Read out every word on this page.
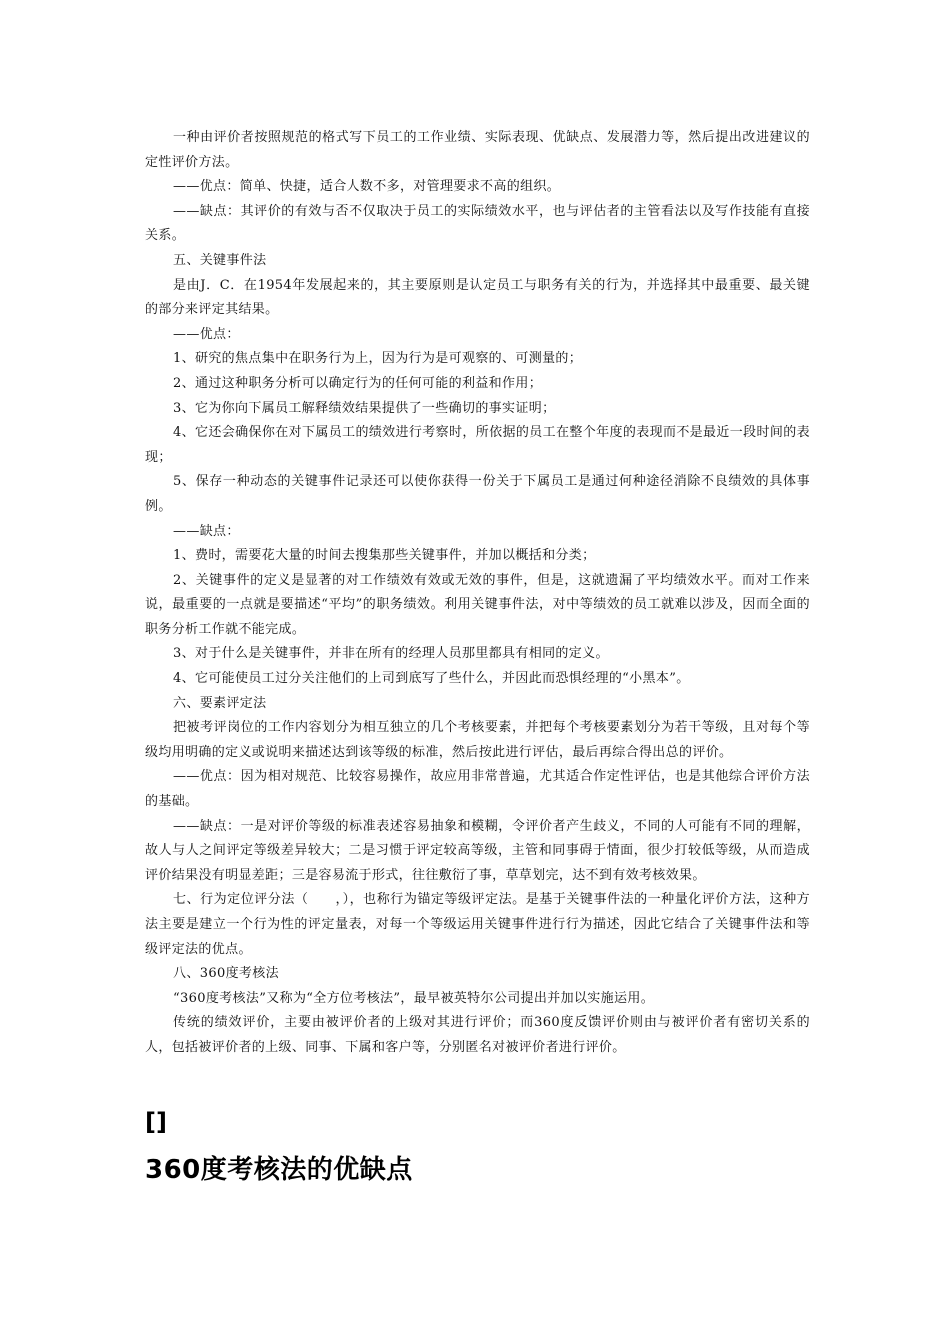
一种由评价者按照规范的格式写下员工的工作业绩、实际表现、优缺点、发展潜力等，然后提出改进建议的定性评价方法。

——优点：简单、快捷，适合人数不多，对管理要求不高的组织。

——缺点：其评价的有效与否不仅取决于员工的实际绩效水平，也与评估者的主管看法以及写作技能有直接关系。

五、关键事件法

是由J．C．在1954年发展起来的，其主要原则是认定员工与职务有关的行为，并选择其中最重要、最关键的部分来评定其结果。

——优点：

1、研究的焦点集中在职务行为上，因为行为是可观察的、可测量的；

2、通过这种职务分析可以确定行为的任何可能的利益和作用；

3、它为你向下属员工解释绩效结果提供了一些确切的事实证明；

4、它还会确保你在对下属员工的绩效进行考察时，所依据的员工在整个年度的表现而不是最近一段时间的表现；

5、保存一种动态的关键事件记录还可以使你获得一份关于下属员工是通过何种途径消除不良绩效的具体事例。

——缺点：

1、费时，需要花大量的时间去搜集那些关键事件，并加以概括和分类；

2、关键事件的定义是显著的对工作绩效有效或无效的事件，但是，这就遗漏了平均绩效水平。而对工作来说，最重要的一点就是要描述“平均”的职务绩效。利用关键事件法，对中等绩效的员工就难以涉及，因而全面的职务分析工作就不能完成。

3、对于什么是关键事件，并非在所有的经理人员那里都具有相同的定义。

4、它可能使员工过分关注他们的上司到底写了些什么，并因此而恐惧经理的“小黑本”。

六、要素评定法

把被考评岗位的工作内容划分为相互独立的几个考核要素，并把每个考核要素划分为若干等级，且对每个等级均用明确的定义或说明来描述达到该等级的标准，然后按此进行评估，最后再综合得出总的评价。

——优点：因为相对规范、比较容易操作，故应用非常普遍，尤其适合作定性评估，也是其他综合评价方法的基础。

——缺点：一是对评价等级的标准表述容易抽象和模糊，令评价者产生歧义，不同的人可能有不同的理解，故人与人之间评定等级差异较大；二是习惯于评定较高等级，主管和同事碍于情面，很少打较低等级，从而造成评价结果没有明显差距；三是容易流于形式，往往敷衍了事，草草划完，达不到有效考核效果。

七、行为定位评分法（　　，），也称行为锚定等级评定法。是基于关键事件法的一种量化评价方法，这种方法主要是建立一个行为性的评定量表，对每一个等级运用关键事件进行行为描述，因此它结合了关键事件法和等级评定法的优点。

八、360度考核法

“360度考核法”又称为“全方位考核法”，最早被英特尔公司提出并加以实施运用。

传统的绩效评价，主要由被评价者的上级对其进行评价；而360度反馈评价则由与被评价者有密切关系的人，包括被评价者的上级、同事、下属和客户等，分别匿名对被评价者进行评价。

[]
360度考核法的优缺点
